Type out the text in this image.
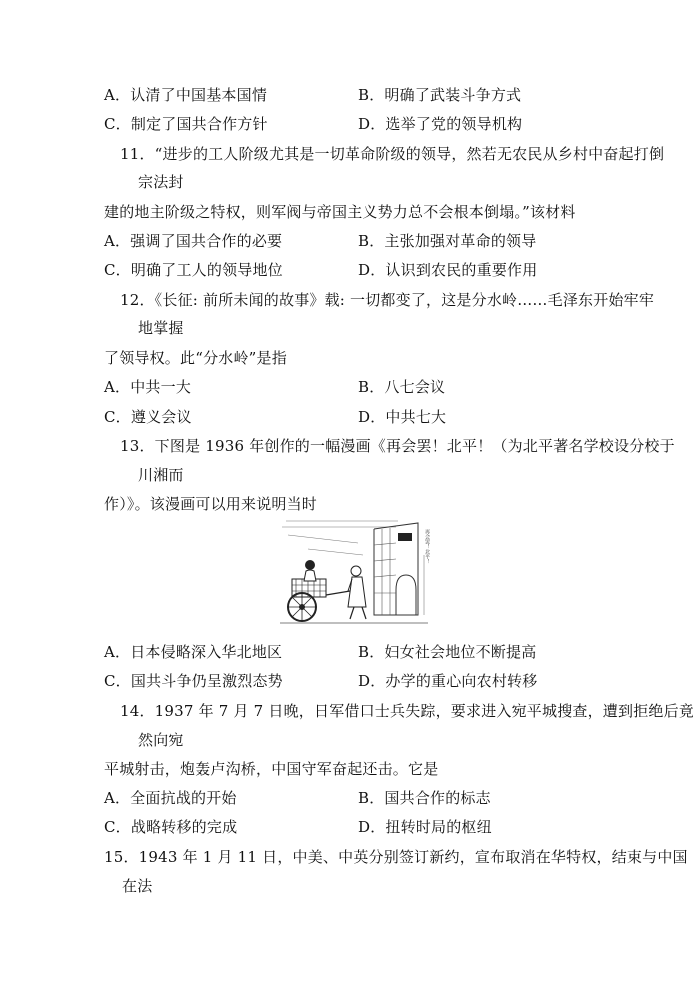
A．认清了中国基本国情	B．明确了武装斗争方式
C．制定了国共合作方针	D．选举了党的领导机构
11．“进步的工人阶级尤其是一切革命阶级的领导，然若无农民从乡村中奋起打倒
宗法封
建的地主阶级之特权，则军阀与帝国主义势力总不会根本倒塌。”该材料
A．强调了国共合作的必要	B．主张加强对革命的领导
C．明确了工人的领导地位	D．认识到农民的重要作用
12．《长征: 前所未闻的故事》载: 一切都变了，这是分水岭……毛泽东开始牢牢
地掌握
了领导权。此“分水岭”是指
A．中共一大	B．八七会议
C．遵义会议	D．中共七大
13．下图是 1936 年创作的一幅漫画《再会罢！北平！（为北平著名学校设分校于
川湘而
作）》。该漫画可以用来说明当时
再会罢！北平！
A．日本侵略深入华北地区	B．妇女社会地位不断提高
C．国共斗争仍呈激烈态势	D．办学的重心向农村转移
14．1937 年 7 月 7 日晚，日军借口士兵失踪，要求进入宛平城搜查，遭到拒绝后竟
然向宛
平城射击，炮轰卢沟桥，中国守军奋起还击。它是
A．全面抗战的开始	B．国共合作的标志
C．战略转移的完成	D．扭转时局的枢纽
15．1943 年 1 月 11 日，中美、中英分别签订新约，宣布取消在华特权，结束与中国
在法
